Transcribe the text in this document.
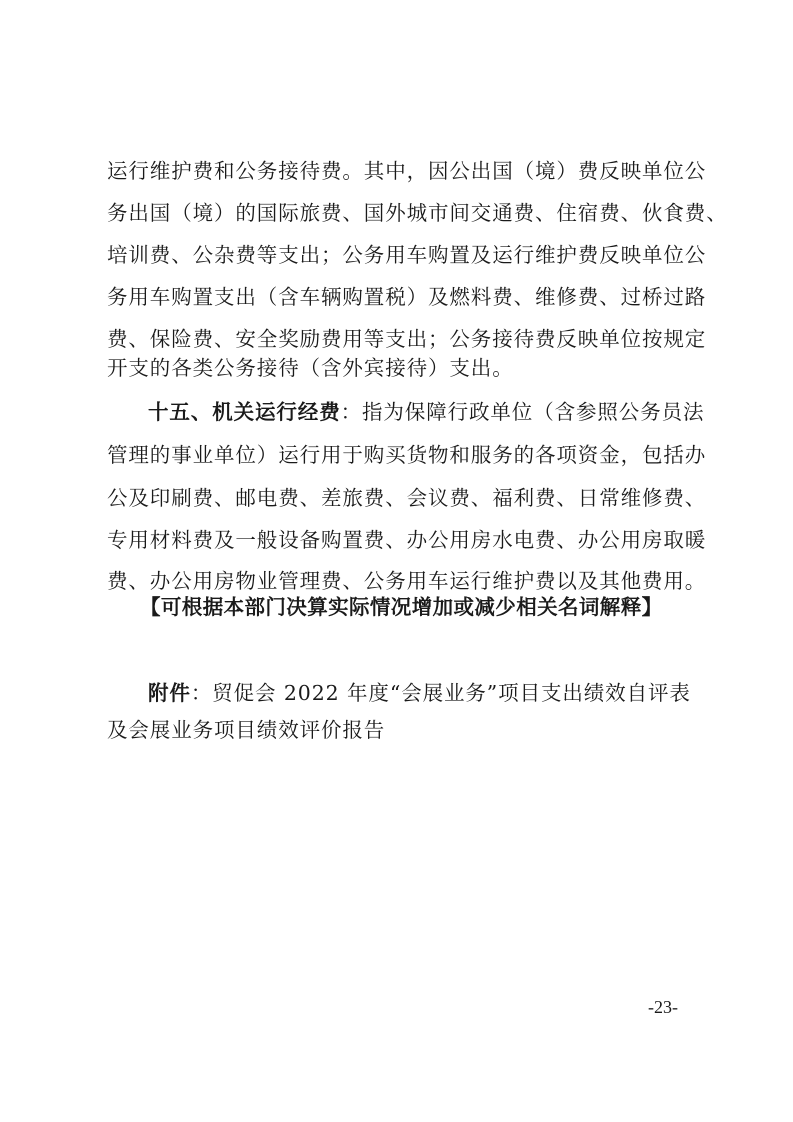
运行维护费和公务接待费。其中，因公出国（境）费反映单位公
务出国（境）的国际旅费、国外城市间交通费、住宿费、伙食费、
培训费、公杂费等支出；公务用车购置及运行维护费反映单位公
务用车购置支出（含车辆购置税）及燃料费、维修费、过桥过路
费、保险费、安全奖励费用等支出；公务接待费反映单位按规定
开支的各类公务接待（含外宾接待）支出。
十五、机关运行经费：指为保障行政单位（含参照公务员法
管理的事业单位）运行用于购买货物和服务的各项资金，包括办
公及印刷费、邮电费、差旅费、会议费、福利费、日常维修费、
专用材料费及一般设备购置费、办公用房水电费、办公用房取暖
费、办公用房物业管理费、公务用车运行维护费以及其他费用。
【可根据本部门决算实际情况增加或减少相关名词解释】
附件：贸促会 2022 年度“会展业务”项目支出绩效自评表
及会展业务项目绩效评价报告
-23-
